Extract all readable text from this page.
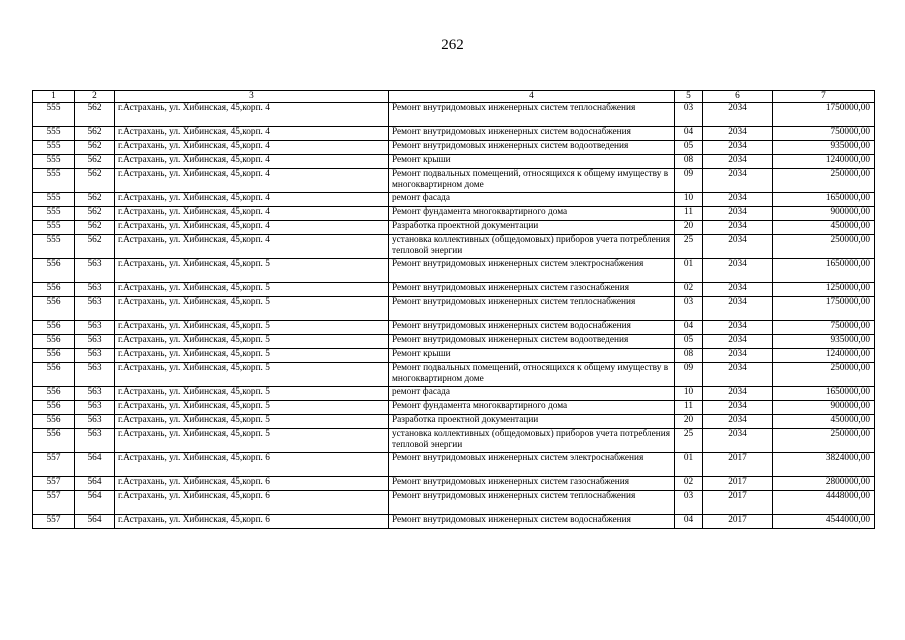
262
1	2	3	4	5	6	7
555	562	г.Астрахань, ул. Хибинская, 45,корп. 4	Ремонт внутридомовых инженерных систем теплоснабжения	03	2034	1750000,00
555	562	г.Астрахань, ул. Хибинская, 45,корп. 4	Ремонт внутридомовых инженерных систем водоснабжения	04	2034	750000,00
555	562	г.Астрахань, ул. Хибинская, 45,корп. 4	Ремонт внутридомовых инженерных систем водоотведения	05	2034	935000,00
555	562	г.Астрахань, ул. Хибинская, 45,корп. 4	Ремонт крыши	08	2034	1240000,00
555	562	г.Астрахань, ул. Хибинская, 45,корп. 4	Ремонт подвальных помещений, относящихся к общему имуществу в многоквартирном доме	09	2034	250000,00
555	562	г.Астрахань, ул. Хибинская, 45,корп. 4	ремонт фасада	10	2034	1650000,00
555	562	г.Астрахань, ул. Хибинская, 45,корп. 4	Ремонт фундамента многоквартирного дома	11	2034	900000,00
555	562	г.Астрахань, ул. Хибинская, 45,корп. 4	Разработка проектной документации	20	2034	450000,00
555	562	г.Астрахань, ул. Хибинская, 45,корп. 4	установка коллективных (общедомовых) приборов учета потребления тепловой энергии	25	2034	250000,00
556	563	г.Астрахань, ул. Хибинская, 45,корп. 5	Ремонт внутридомовых инженерных систем электроснабжения	01	2034	1650000,00
556	563	г.Астрахань, ул. Хибинская, 45,корп. 5	Ремонт внутридомовых инженерных систем газоснабжения	02	2034	1250000,00
556	563	г.Астрахань, ул. Хибинская, 45,корп. 5	Ремонт внутридомовых инженерных систем теплоснабжения	03	2034	1750000,00
556	563	г.Астрахань, ул. Хибинская, 45,корп. 5	Ремонт внутридомовых инженерных систем водоснабжения	04	2034	750000,00
556	563	г.Астрахань, ул. Хибинская, 45,корп. 5	Ремонт внутридомовых инженерных систем водоотведения	05	2034	935000,00
556	563	г.Астрахань, ул. Хибинская, 45,корп. 5	Ремонт крыши	08	2034	1240000,00
556	563	г.Астрахань, ул. Хибинская, 45,корп. 5	Ремонт подвальных помещений, относящихся к общему имуществу в многоквартирном доме	09	2034	250000,00
556	563	г.Астрахань, ул. Хибинская, 45,корп. 5	ремонт фасада	10	2034	1650000,00
556	563	г.Астрахань, ул. Хибинская, 45,корп. 5	Ремонт фундамента многоквартирного дома	11	2034	900000,00
556	563	г.Астрахань, ул. Хибинская, 45,корп. 5	Разработка проектной документации	20	2034	450000,00
556	563	г.Астрахань, ул. Хибинская, 45,корп. 5	установка коллективных (общедомовых) приборов учета потребления тепловой энергии	25	2034	250000,00
557	564	г.Астрахань, ул. Хибинская, 45,корп. 6	Ремонт внутридомовых инженерных систем электроснабжения	01	2017	3824000,00
557	564	г.Астрахань, ул. Хибинская, 45,корп. 6	Ремонт внутридомовых инженерных систем газоснабжения	02	2017	2800000,00
557	564	г.Астрахань, ул. Хибинская, 45,корп. 6	Ремонт внутридомовых инженерных систем теплоснабжения	03	2017	4448000,00
557	564	г.Астрахань, ул. Хибинская, 45,корп. 6	Ремонт внутридомовых инженерных систем водоснабжения	04	2017	4544000,00
